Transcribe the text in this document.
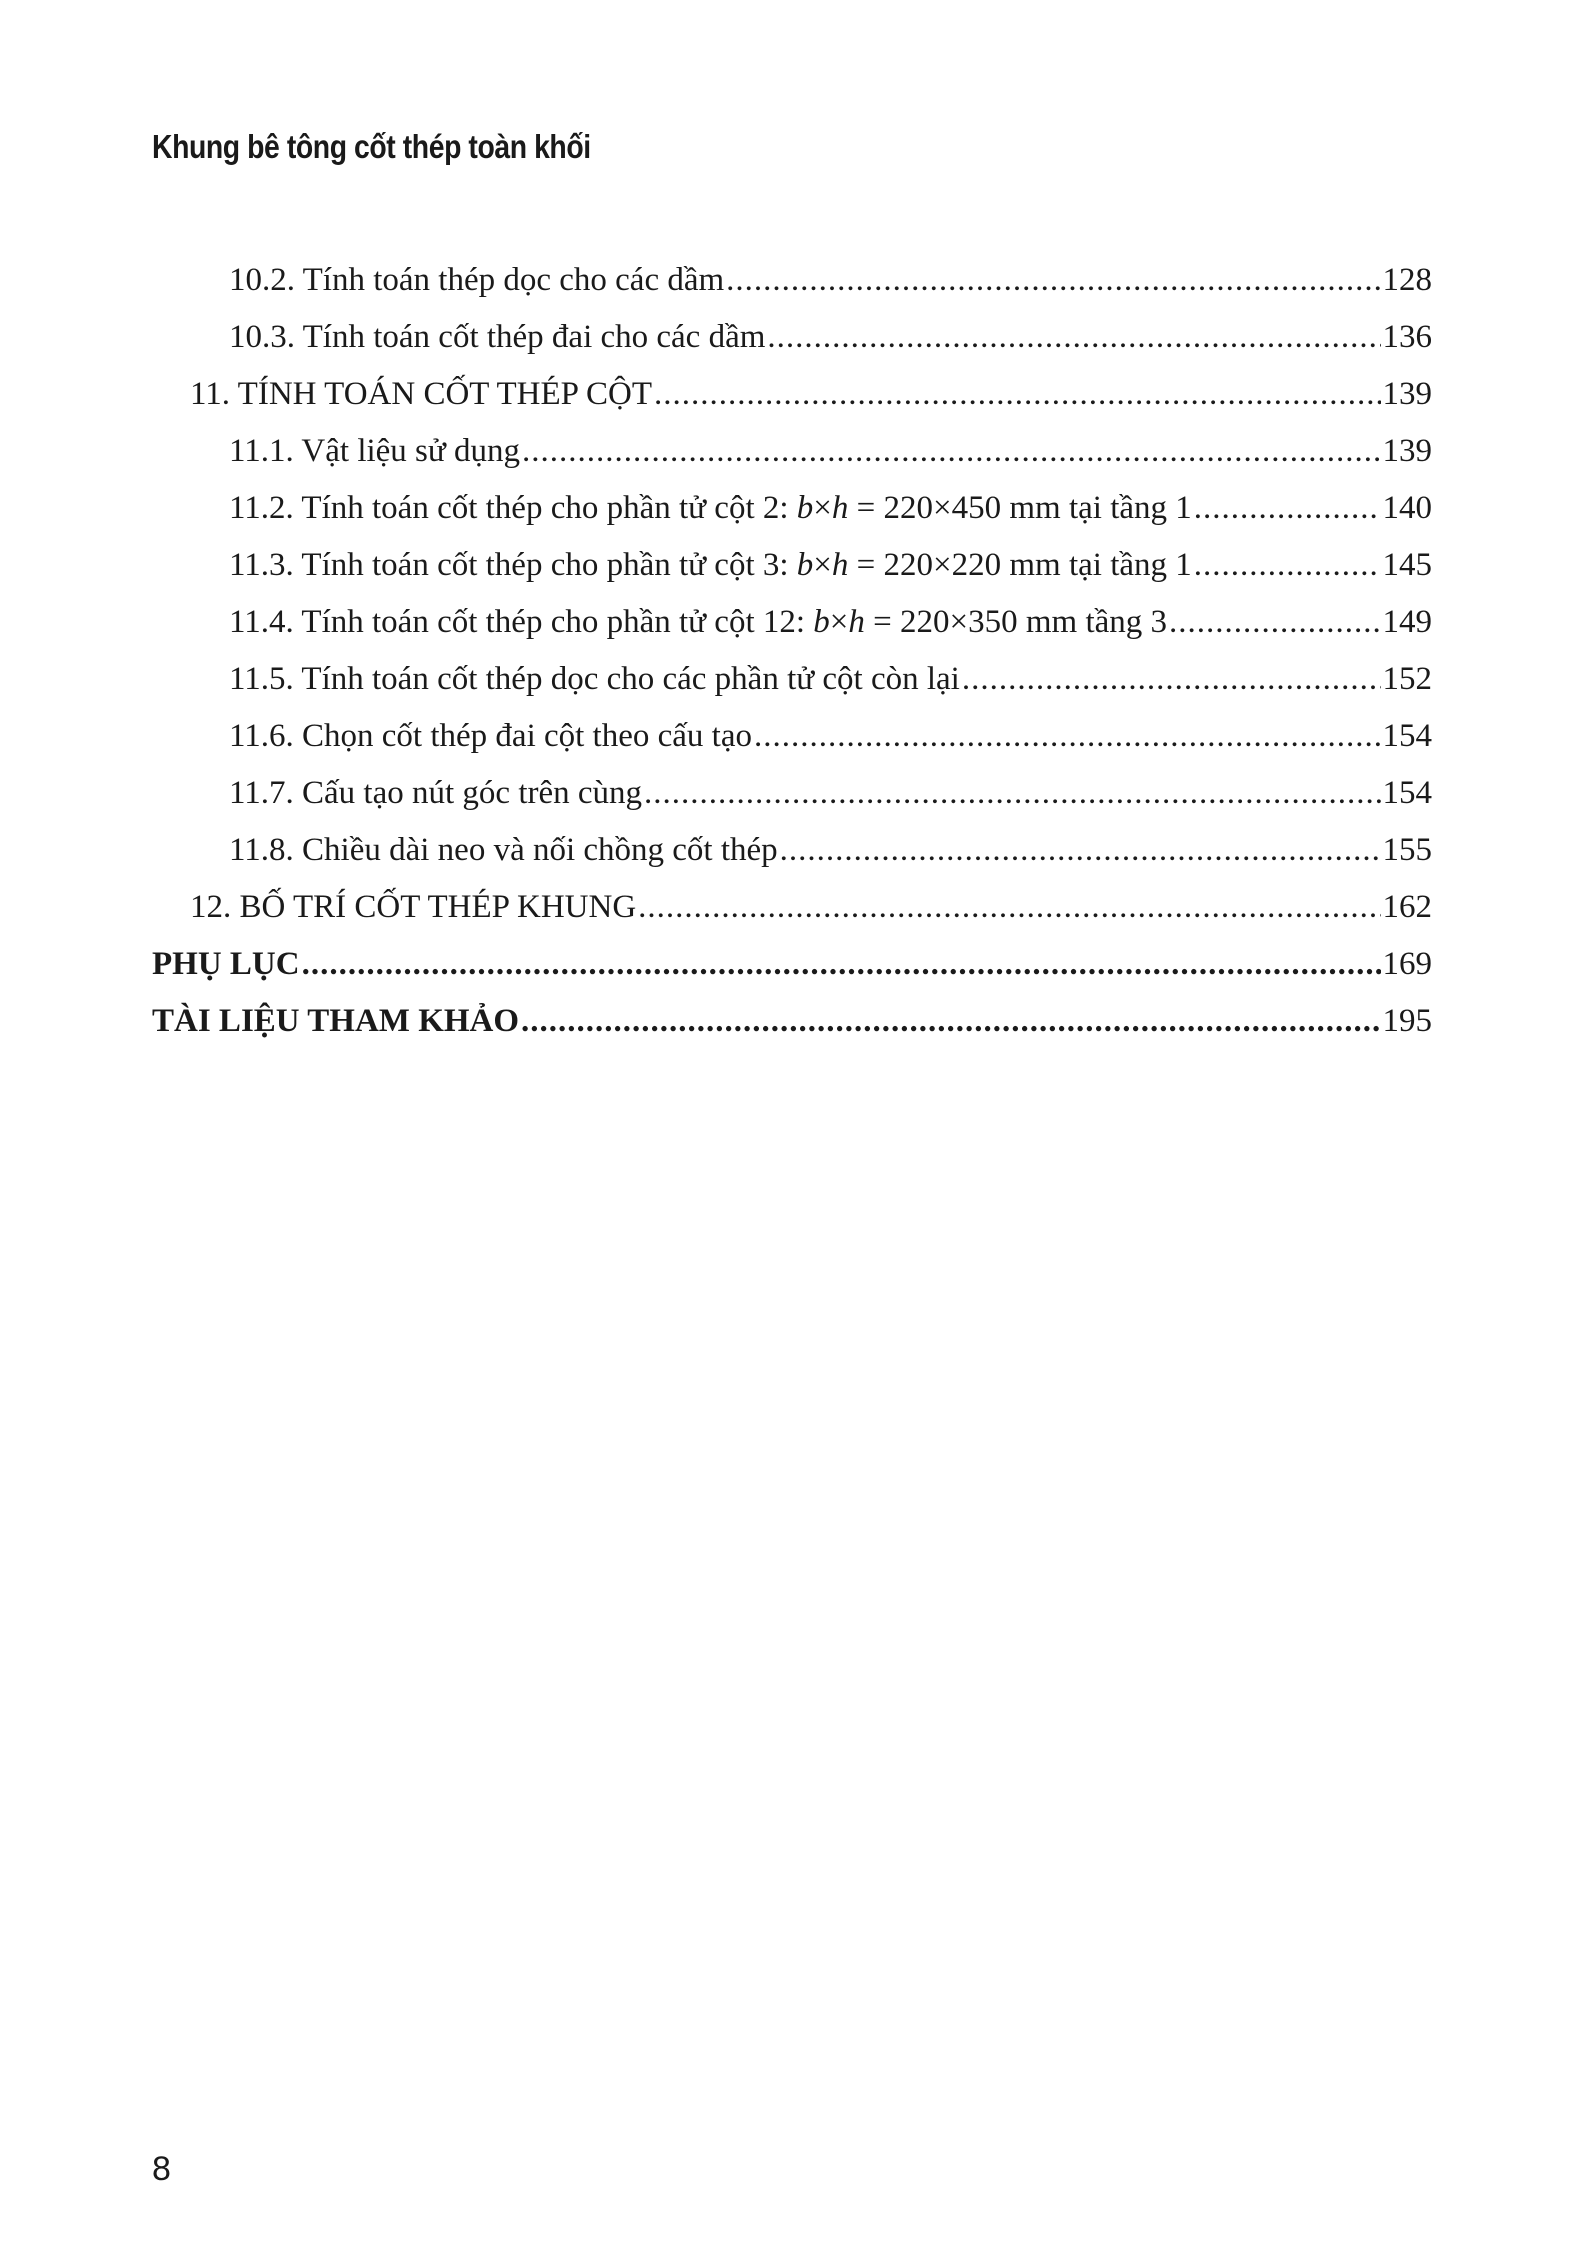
Khung bê tông cốt thép toàn khối
10.2. Tính toán thép dọc cho các dầm .....	128
10.3. Tính toán cốt thép đai cho các dầm .....	136
11. TÍNH TOÁN CỐT THÉP CỘT .....	139
11.1. Vật liệu sử dụng .....	139
11.2. Tính toán cốt thép cho phần tử cột 2: b×h = 220×450 mm tại tầng 1 .....	140
11.3. Tính toán cốt thép cho phần tử cột 3: b×h = 220×220 mm tại tầng 1 .....	145
11.4. Tính toán cốt thép cho phần tử cột 12: b×h = 220×350 mm tầng 3 .....	149
11.5. Tính toán cốt thép dọc cho các phần tử cột còn lại .....	152
11.6. Chọn cốt thép đai cột theo cấu tạo .....	154
11.7. Cấu tạo nút góc trên cùng .....	154
11.8. Chiều dài neo và nối chồng cốt thép .....	155
12. BỐ TRÍ CỐT THÉP KHUNG .....	162
PHỤ LỤC .....	169
TÀI LIỆU THAM KHẢO .....	195
8
